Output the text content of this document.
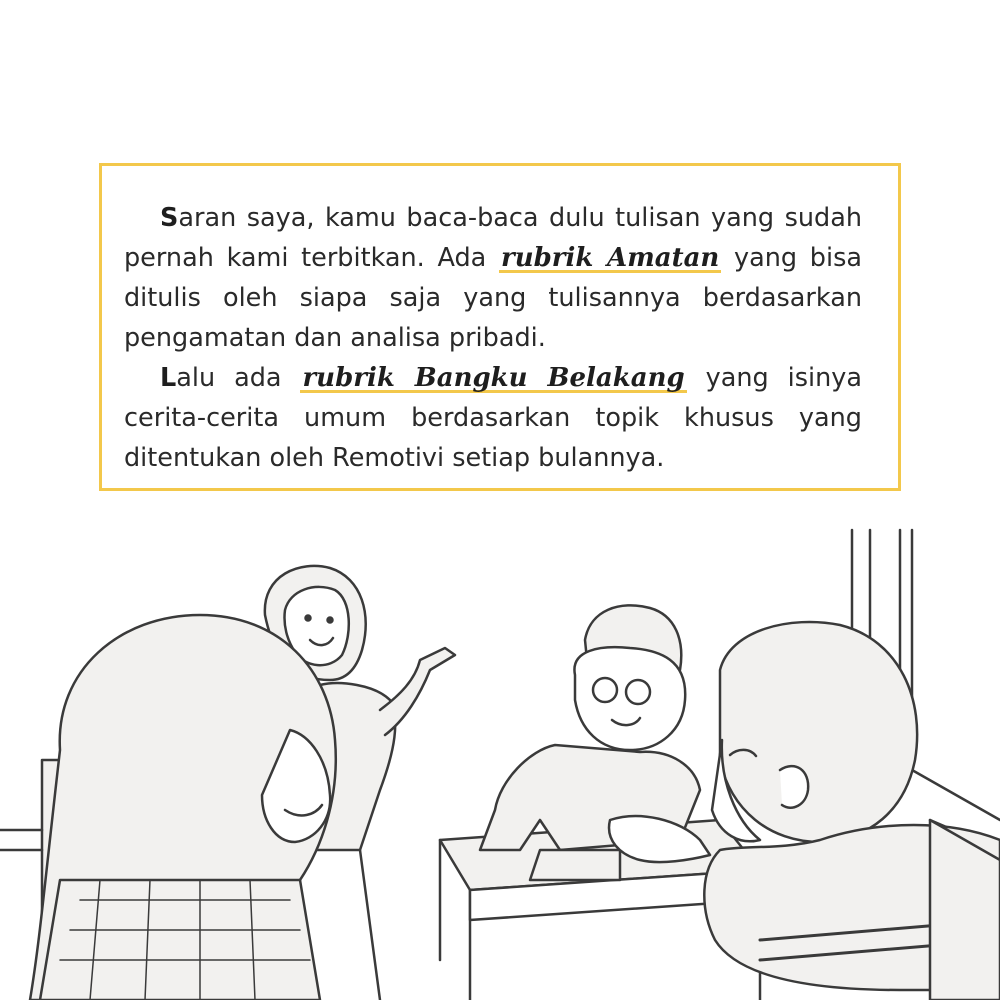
Saran saya, kamu baca-baca dulu tulisan yang sudah pernah kami terbitkan. Ada rubrik Amatan yang bisa ditulis oleh siapa saja yang tulisannya berdasarkan pengamatan dan analisa pribadi.

Lalu ada rubrik Bangku Belakang yang isinya cerita-cerita umum berdasarkan topik khusus yang ditentukan oleh Remotivi setiap bulannya.
